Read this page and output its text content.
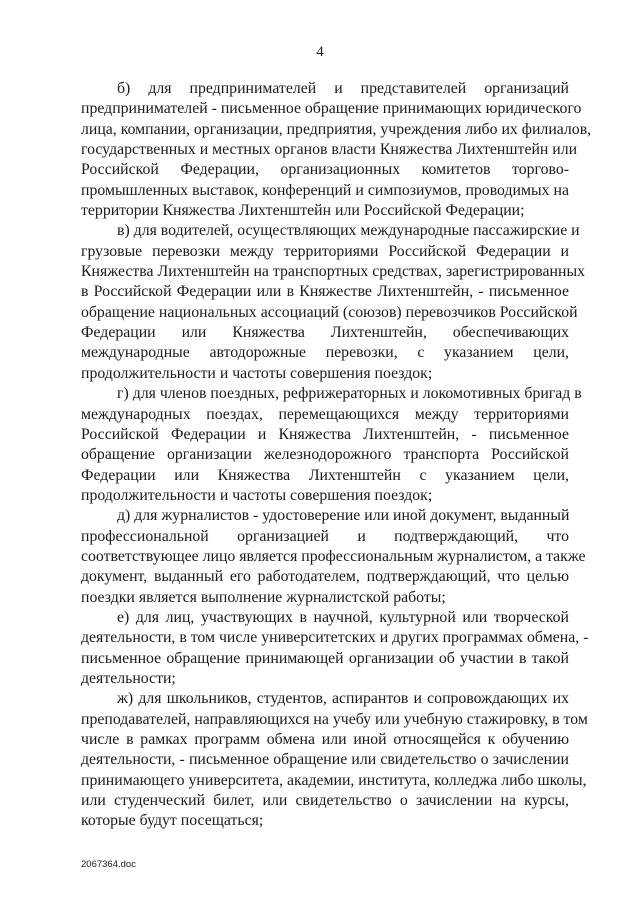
4

б) для предпринимателей и представителей организаций
предпринимателей - письменное обращение принимающих юридического
лица, компании, организации, предприятия, учреждения либо их филиалов,
государственных и местных органов власти Княжества Лихтенштейн или
Российской Федерации, организационных комитетов торгово-
промышленных выставок, конференций и симпозиумов, проводимых на
территории Княжества Лихтенштейн или Российской Федерации;

в) для водителей, осуществляющих международные пассажирские и
грузовые перевозки между территориями Российской Федерации и
Княжества Лихтенштейн на транспортных средствах, зарегистрированных
в Российской Федерации или в Княжестве Лихтенштейн, - письменное
обращение национальных ассоциаций (союзов) перевозчиков Российской
Федерации или Княжества Лихтенштейн, обеспечивающих
международные автодорожные перевозки, с указанием цели,
продолжительности и частоты совершения поездок;

г) для членов поездных, рефрижераторных и локомотивных бригад в
международных поездах, перемещающихся между территориями
Российской Федерации и Княжества Лихтенштейн, - письменное
обращение организации железнодорожного транспорта Российской
Федерации или Княжества Лихтенштейн с указанием цели,
продолжительности и частоты совершения поездок;

д) для журналистов - удостоверение или иной документ, выданный
профессиональной организацией и подтверждающий, что
соответствующее лицо является профессиональным журналистом, а также
документ, выданный его работодателем, подтверждающий, что целью
поездки является выполнение журналистской работы;

е) для лиц, участвующих в научной, культурной или творческой
деятельности, в том числе университетских и других программах обмена, -
письменное обращение принимающей организации об участии в такой
деятельности;

ж) для школьников, студентов, аспирантов и сопровождающих их
преподавателей, направляющихся на учебу или учебную стажировку, в том
числе в рамках программ обмена или иной относящейся к обучению
деятельности, - письменное обращение или свидетельство о зачислении
принимающего университета, академии, института, колледжа либо школы,
или студенческий билет, или свидетельство о зачислении на курсы,
которые будут посещаться;

2067364.doc
